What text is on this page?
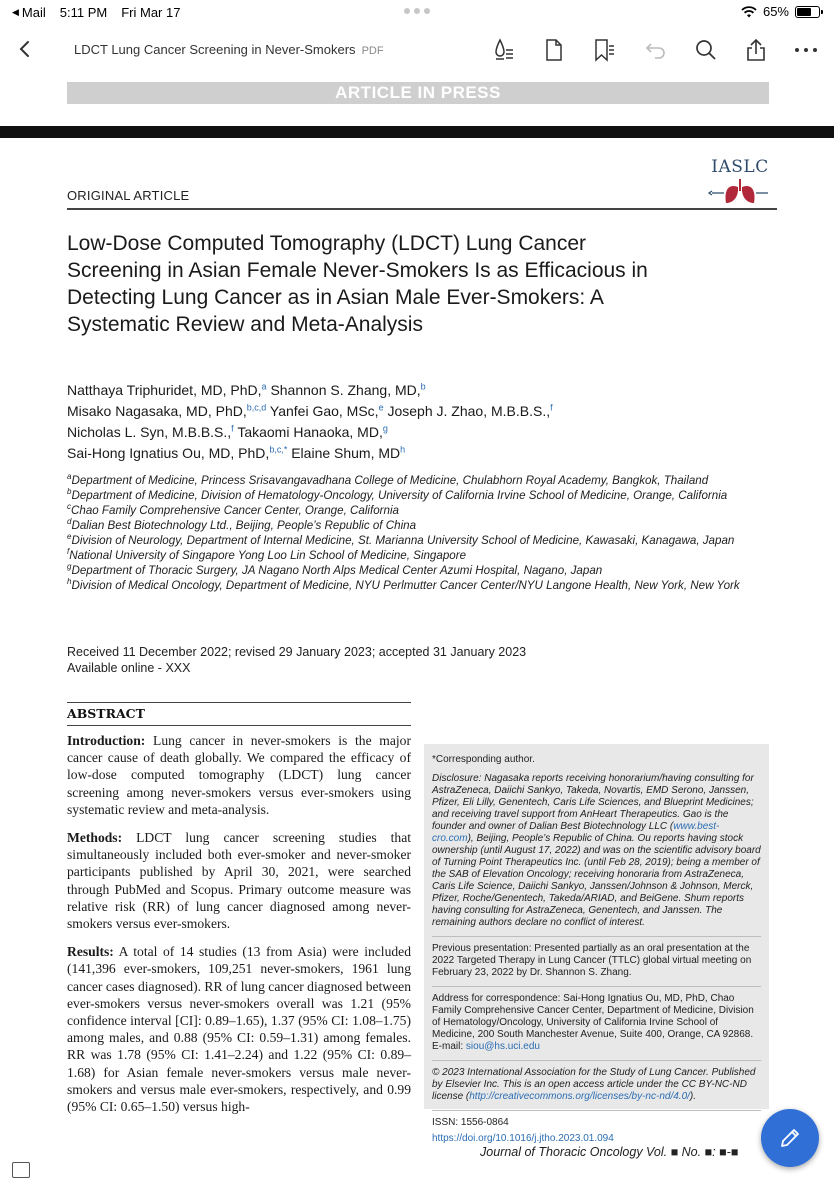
◀ Mail 5:11 PM Fri Mar 17	65%
LDCT Lung Cancer Screening in Never-Smokers PDF
ARTICLE IN PRESS
ORIGINAL ARTICLE
IASLC
Low-Dose Computed Tomography (LDCT) Lung Cancer Screening in Asian Female Never-Smokers Is as Efficacious in Detecting Lung Cancer as in Asian Male Ever-Smokers: A Systematic Review and Meta-Analysis
Natthaya Triphuridet, MD, PhD,$^a$ Shannon S. Zhang, MD,$^b$
Misako Nagasaka, MD, PhD,$^{b,c,d}$ Yanfei Gao, MSc,$^e$ Joseph J. Zhao, M.B.B.S.,$^f$
Nicholas L. Syn, M.B.B.S.,$^f$ Takaomi Hanaoka, MD,$^g$
Sai-Hong Ignatius Ou, MD, PhD,$^{b,c,*}$ Elaine Shum, $MD^h$
$^a$Department of Medicine, Princess Srisavangavadhana College of Medicine, Chulabhorn Royal Academy, Bangkok, Thailand
$^b$Department of Medicine, Division of Hematology-Oncology, University of California Irvine School of Medicine, Orange, California
$^c$Chao Family Comprehensive Cancer Center, Orange, California
$^d$Dalian Best Biotechnology Ltd., Beijing, People’s Republic of China
$^e$Division of Neurology, Department of Internal Medicine, St. Marianna University School of Medicine, Kawasaki, Kanagawa, Japan
$^f$National University of Singapore Yong Loo Lin School of Medicine, Singapore
$^g$Department of Thoracic Surgery, JA Nagano North Alps Medical Center Azumi Hospital, Nagano, Japan
$^h$Division of Medical Oncology, Department of Medicine, NYU Perlmutter Cancer Center/NYU Langone Health, New York, New York
Received 11 December 2022; revised 29 January 2023; accepted 31 January 2023
Available online - XXX
ABSTRACT

Introduction: Lung cancer in never-smokers is the major cancer cause of death globally. We compared the efficacy of low-dose computed tomography (LDCT) lung cancer screening among never-smokers versus ever-smokers using systematic review and meta-analysis.

Methods: LDCT lung cancer screening studies that simultaneously included both ever-smoker and never-smoker participants published by April 30, 2021, were searched through PubMed and Scopus. Primary outcome measure was relative risk (RR) of lung cancer diagnosed among never-smokers versus ever-smokers.

Results: A total of 14 studies (13 from Asia) were included (141,396 ever-smokers, 109,251 never-smokers, 1961 lung cancer cases diagnosed). RR of lung cancer diagnosed between ever-smokers versus never-smokers overall was 1.21 (95% confidence interval [CI]: 0.89–1.65), 1.37 (95% CI: 1.08–1.75) among males, and 0.88 (95% CI: 0.59–1.31) among females. RR was 1.78 (95% CI: 1.41–2.24) and 1.22 (95% CI: 0.89–1.68) for Asian female never-smokers versus male never-smokers and versus male ever-smokers, respectively, and 0.99 (95% CI: 0.65–1.50) versus high-

*Corresponding author.

Disclosure: Nagasaka reports receiving honorarium/having consulting for AstraZeneca, Daiichi Sankyo, Takeda, Novartis, EMD Serono, Janssen, Pfizer, Eli Lilly, Genentech, Caris Life Sciences, and Blueprint Medicines; and receiving travel support from AnHeart Therapeutics. Gao is the founder and owner of Dalian Best Biotechnology LLC (www.best-cro.com), Beijing, People’s Republic of China. Ou reports having stock ownership (until August 17, 2022) and was on the scientific advisory board of Turning Point Therapeutics Inc. (until Feb 28, 2019); being a member of the SAB of Elevation Oncology; receiving honoraria from AstraZeneca, Caris Life Science, Daiichi Sankyo, Janssen/Johnson & Johnson, Merck, Pfizer, Roche/Genentech, Takeda/ARIAD, and BeiGene. Shum reports having consulting for AstraZeneca, Genentech, and Janssen. The remaining authors declare no conflict of interest.

Previous presentation: Presented partially as an oral presentation at the 2022 Targeted Therapy in Lung Cancer (TTLC) global virtual meeting on February 23, 2022 by Dr. Shannon S. Zhang.

Address for correspondence: Sai-Hong Ignatius Ou, MD, PhD, Chao Family Comprehensive Cancer Center, Department of Medicine, Division of Hematology/Oncology, University of California Irvine School of Medicine, 200 South Manchester Avenue, Suite 400, Orange, CA 92868. E-mail: siou@hs.uci.edu

© 2023 International Association for the Study of Lung Cancer. Published by Elsevier Inc. This is an open access article under the CC BY-NC-ND license (http://creativecommons.org/licenses/by-nc-nd/4.0/).

ISSN: 1556-0864

https://doi.org/10.1016/j.jtho.2023.01.094

Journal of Thoracic Oncology Vol. ■ No. ■: ■-■
